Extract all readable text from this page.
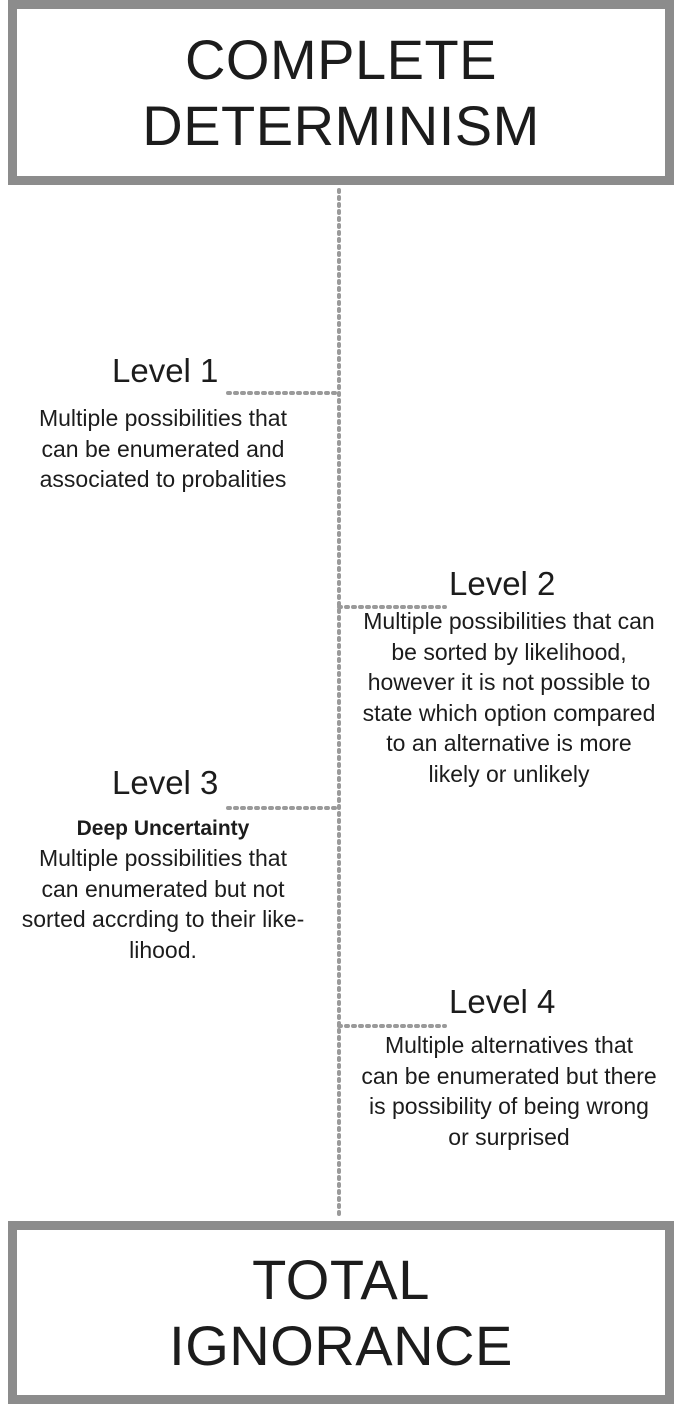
COMPLETE
DETERMINISM
Level 1
Multiple possibilities that
can be enumerated and
associated to probalities
Level 2
Multiple possibilities that can
be sorted by likelihood,
however it is not possible to
state which option compared
to an alternative is more
likely or unlikely
Level 3
Deep Uncertainty
Multiple possibilities that
can enumerated but not
sorted accrding to their like-
lihood.
Level 4
Multiple alternatives that
can be enumerated but there
is possibility of being wrong
or surprised
TOTAL
IGNORANCE
